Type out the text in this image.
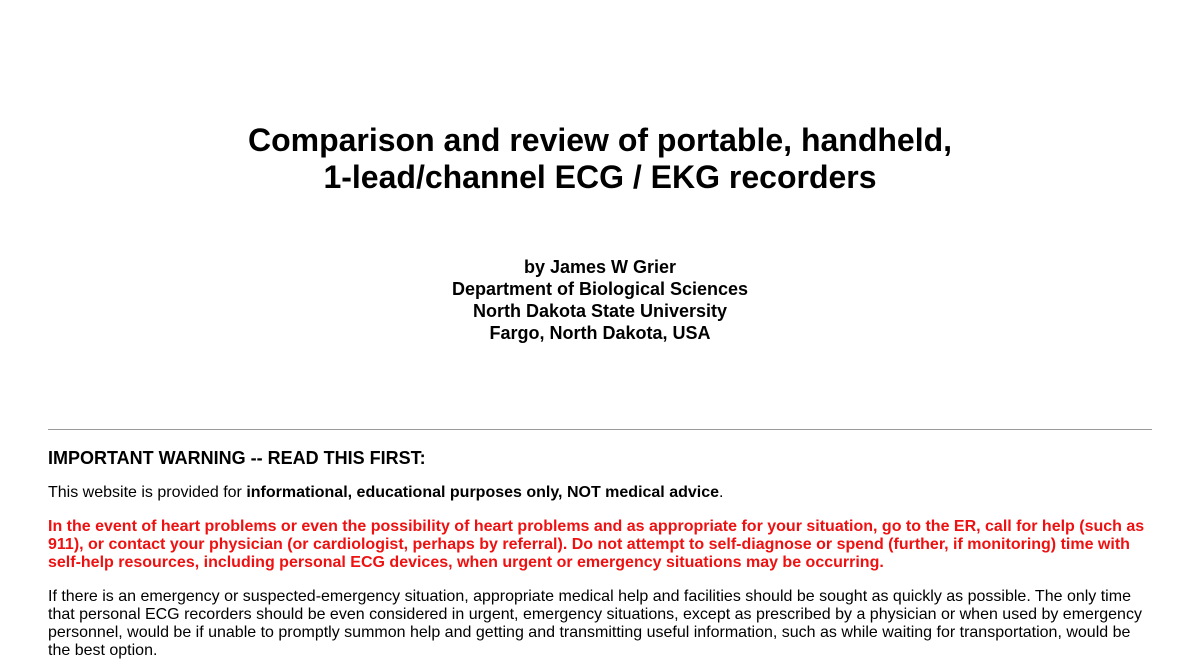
Comparison and review of portable, handheld,
1-lead/channel ECG / EKG recorders
by James W Grier
Department of Biological Sciences
North Dakota State University
Fargo, North Dakota, USA
IMPORTANT WARNING -- READ THIS FIRST:

This website is provided for informational, educational purposes only, NOT medical advice.

In the event of heart problems or even the possibility of heart problems and as appropriate for your situation, go to the ER, call for help (such as 911), or contact your physician (or cardiologist, perhaps by referral). Do not attempt to self-diagnose or spend (further, if monitoring) time with self-help resources, including personal ECG devices, when urgent or emergency situations may be occurring.

If there is an emergency or suspected-emergency situation, appropriate medical help and facilities should be sought as quickly as possible. The only time that personal ECG recorders should be even considered in urgent, emergency situations, except as prescribed by a physician or when used by emergency personnel, would be if unable to promptly summon help and getting and transmitting useful information, such as while waiting for transportation, would be the best option.
